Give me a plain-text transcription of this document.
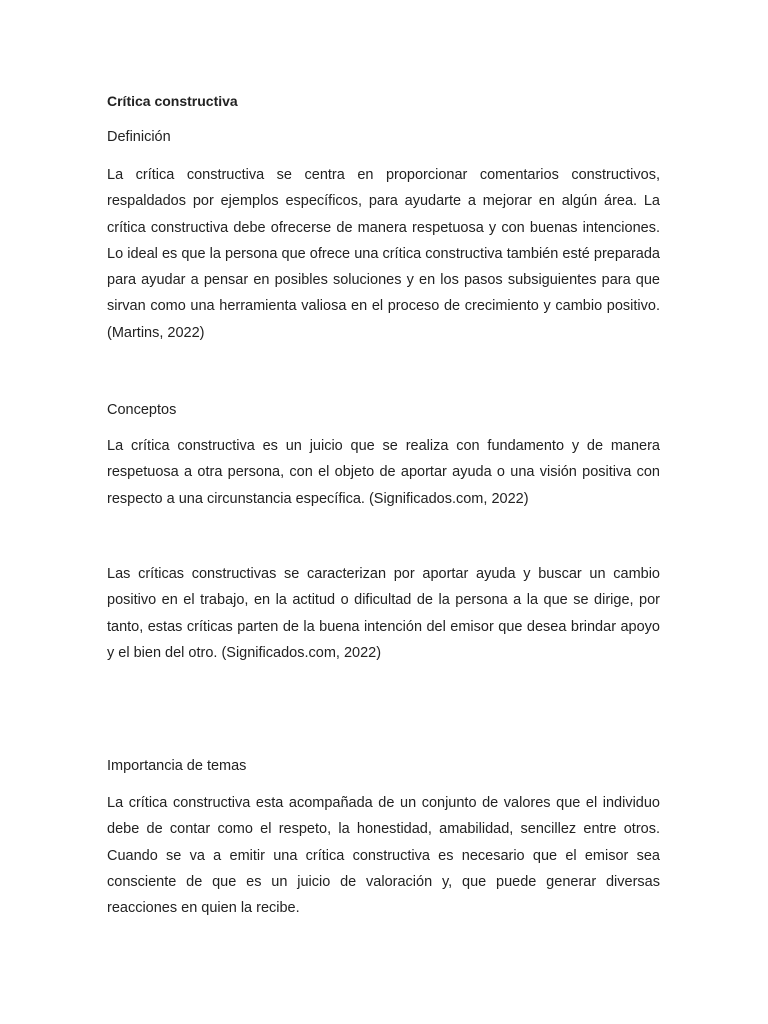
Crítica constructiva
Definición

La crítica constructiva se centra en proporcionar comentarios constructivos, respaldados por ejemplos específicos, para ayudarte a mejorar en algún área. La crítica constructiva debe ofrecerse de manera respetuosa y con buenas intenciones. Lo ideal es que la persona que ofrece una crítica constructiva también esté preparada para ayudar a pensar en posibles soluciones y en los pasos subsiguientes para que sirvan como una herramienta valiosa en el proceso de crecimiento y cambio positivo. (Martins, 2022)

Conceptos

La crítica constructiva es un juicio que se realiza con fundamento y de manera respetuosa a otra persona, con el objeto de aportar ayuda o una visión positiva con respecto a una circunstancia específica. (Significados.com, 2022)

Las críticas constructivas se caracterizan por aportar ayuda y buscar un cambio positivo en el trabajo, en la actitud o dificultad de la persona a la que se dirige, por tanto, estas críticas parten de la buena intención del emisor que desea brindar apoyo y el bien del otro. (Significados.com, 2022)

Importancia de temas

La crítica constructiva esta acompañada de un conjunto de valores que el individuo debe de contar como el respeto, la honestidad, amabilidad, sencillez entre otros. Cuando se va a emitir una crítica constructiva es necesario que el emisor sea consciente de que es un juicio de valoración y, que puede generar diversas reacciones en quien la recibe.
